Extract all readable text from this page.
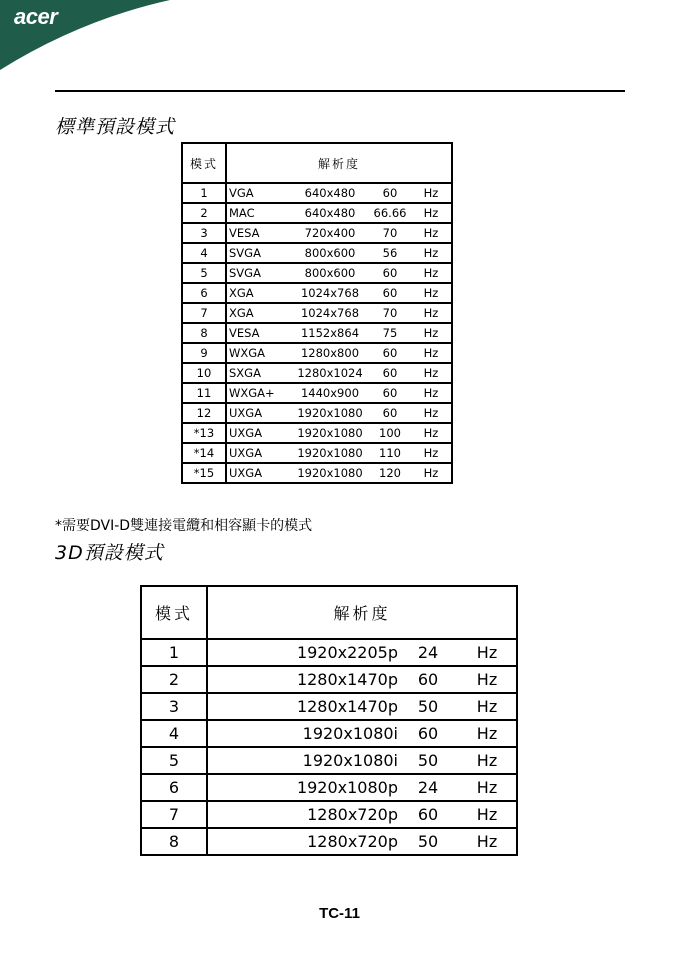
acer
標準預設模式
模式	解析度
1	VGA 640x480 60 Hz

2	MAC 640x480 66.66 Hz

3	VESA 720x400 70 Hz

4	SVGA 800x600 56 Hz

5	SVGA 800x600 60 Hz

6	XGA 1024x768 60 Hz

7	XGA 1024x768 70 Hz

8	VESA 1152x864 75 Hz

9	WXGA 1280x800 60 Hz

10	SXGA 1280x1024 60 Hz

11	WXGA+ 1440x900 60 Hz

12	UXGA 1920x1080 60 Hz

*13	UXGA 1920x1080 100 Hz

*14	UXGA 1920x1080 110 Hz

*15	UXGA 1920x1080 120 Hz
*需要DVI-D雙連接電纜和相容顯卡的模式
3D預設模式
模式	解析度
1	1920x2205p 24 Hz

2	1280x1470p 60 Hz

3	1280x1470p 50 Hz

4	1920x1080i 60 Hz

5	1920x1080i 50 Hz

6	1920x1080p 24 Hz

7	1280x720p 60 Hz

8	1280x720p 50 Hz
TC-11
